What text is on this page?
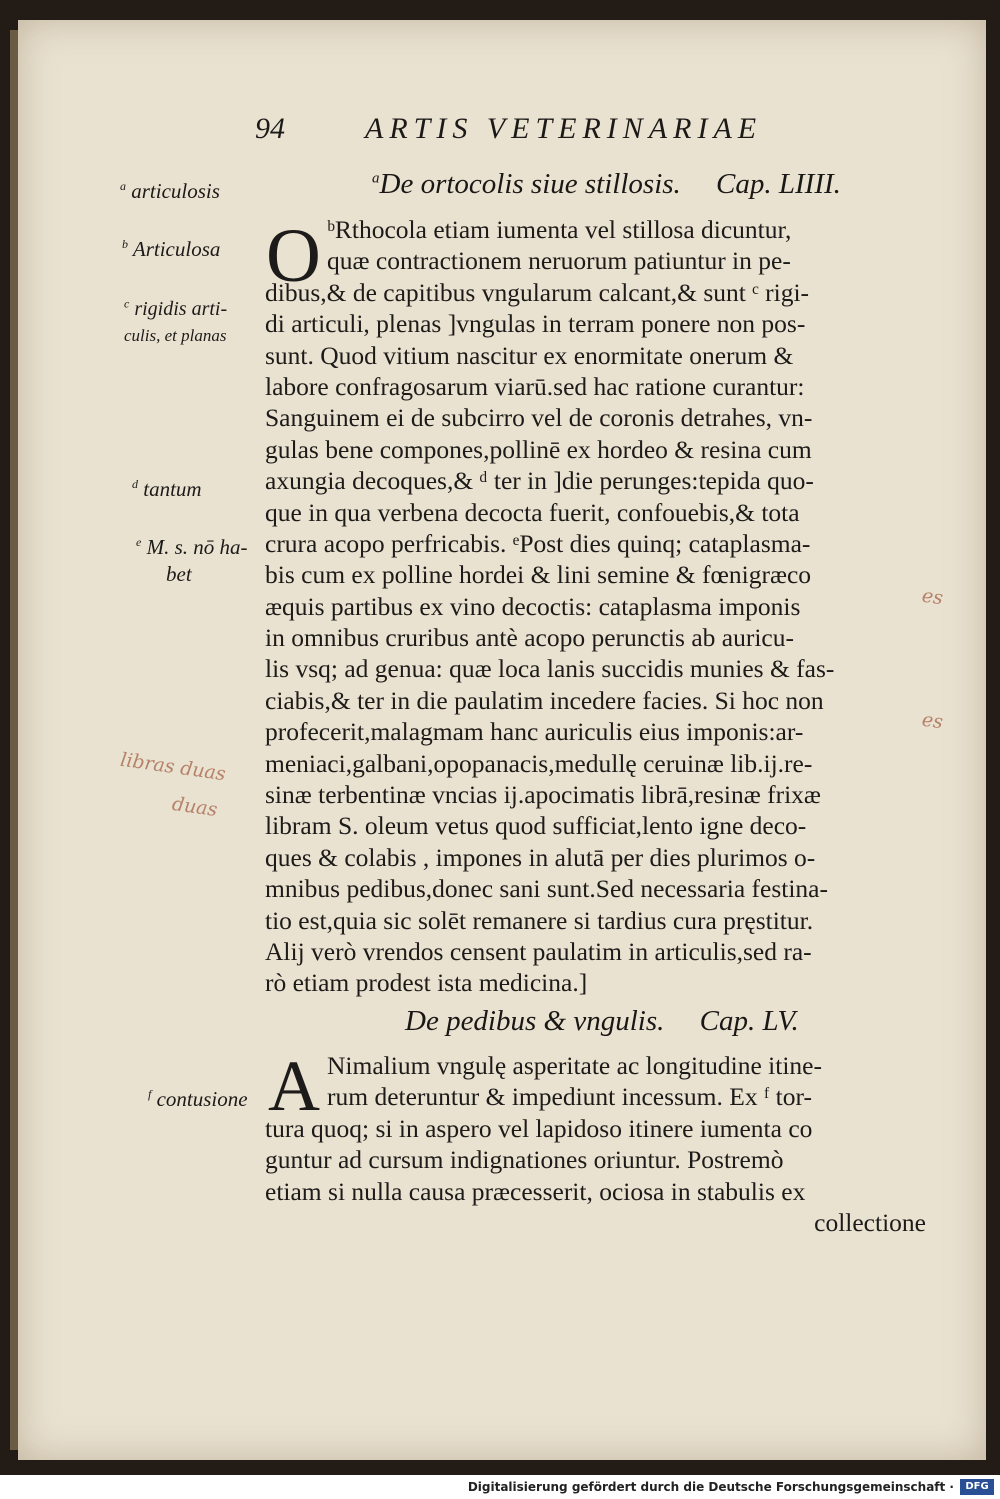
94	ARTIS VETERINARIAE
$^a$De ortocolis siue stillosis. Cap. LIIII.
O ᵇRthocola etiam iumenta vel stillosa dicuntur,
quæ contractionem neruorum patiuntur in pe-
dibus,& de capitibus vngularum calcant,& sunt ᶜ rigi-
di articuli, plenas ]vngulas in terram ponere non pos-
sunt. Quod vitium nascitur ex enormitate onerum &
labore confragosarum viarū.sed hac ratione curantur:
Sanguinem ei de subcirro vel de coronis detrahes, vn-
gulas bene compones,pollinē ex hordeo & resina cum
axungia decoques,& ᵈ ter in ]die perunges:tepida quo-
que in qua verbena decocta fuerit, confouebis,& tota
crura acopo perfricabis. ᵉPost dies quinq; cataplasma-
bis cum ex polline hordei & lini semine & fœnigræco
æquis partibus ex vino decoctis: cataplasma imponis
in omnibus cruribus antè acopo perunctis ab auricu-
lis vsq; ad genua: quæ loca lanis succidis munies & fas-
ciabis,& ter in die paulatim incedere facies. Si hoc non
profecerit,malagmam hanc auriculis eius imponis:ar-
meniaci,galbani,opopanacis,medullę ceruinæ lib.ij.re-
sinæ terbentinæ vncias ij.apocimatis librā,resinæ frixæ
libram S. oleum vetus quod sufficiat,lento igne deco-
ques & colabis , impones in alutā per dies plurimos o-
mnibus pedibus,donec sani sunt.Sed necessaria festina-
tio est,quia sic solēt remanere si tardius cura pręstitur.
Alij verò vrendos censent paulatim in articulis,sed ra-
rò etiam prodest ista medicina.]
De pedibus & vngulis. Cap. LV.
A Nimalium vngulę asperitate ac longitudine itine-
rum deteruntur & impediunt incessum. Ex ᶠ tor-
tura quoq; si in aspero vel lapidoso itinere iumenta co
guntur ad cursum indignationes oriuntur. Postremò
etiam si nulla causa præcesserit, ociosa in stabulis ex
collectione
$^a$ articulosis
$^b$ Articulosa
$^c$ rigidis arti-
culis, et planas
$^d$ tantum
$^e$ M. s. nō ha-
bet
$^f$ contusione
libras duas
duas
es
es
Digitalisierung gefördert durch die Deutsche Forschungsgemeinschaft ·	DFG
